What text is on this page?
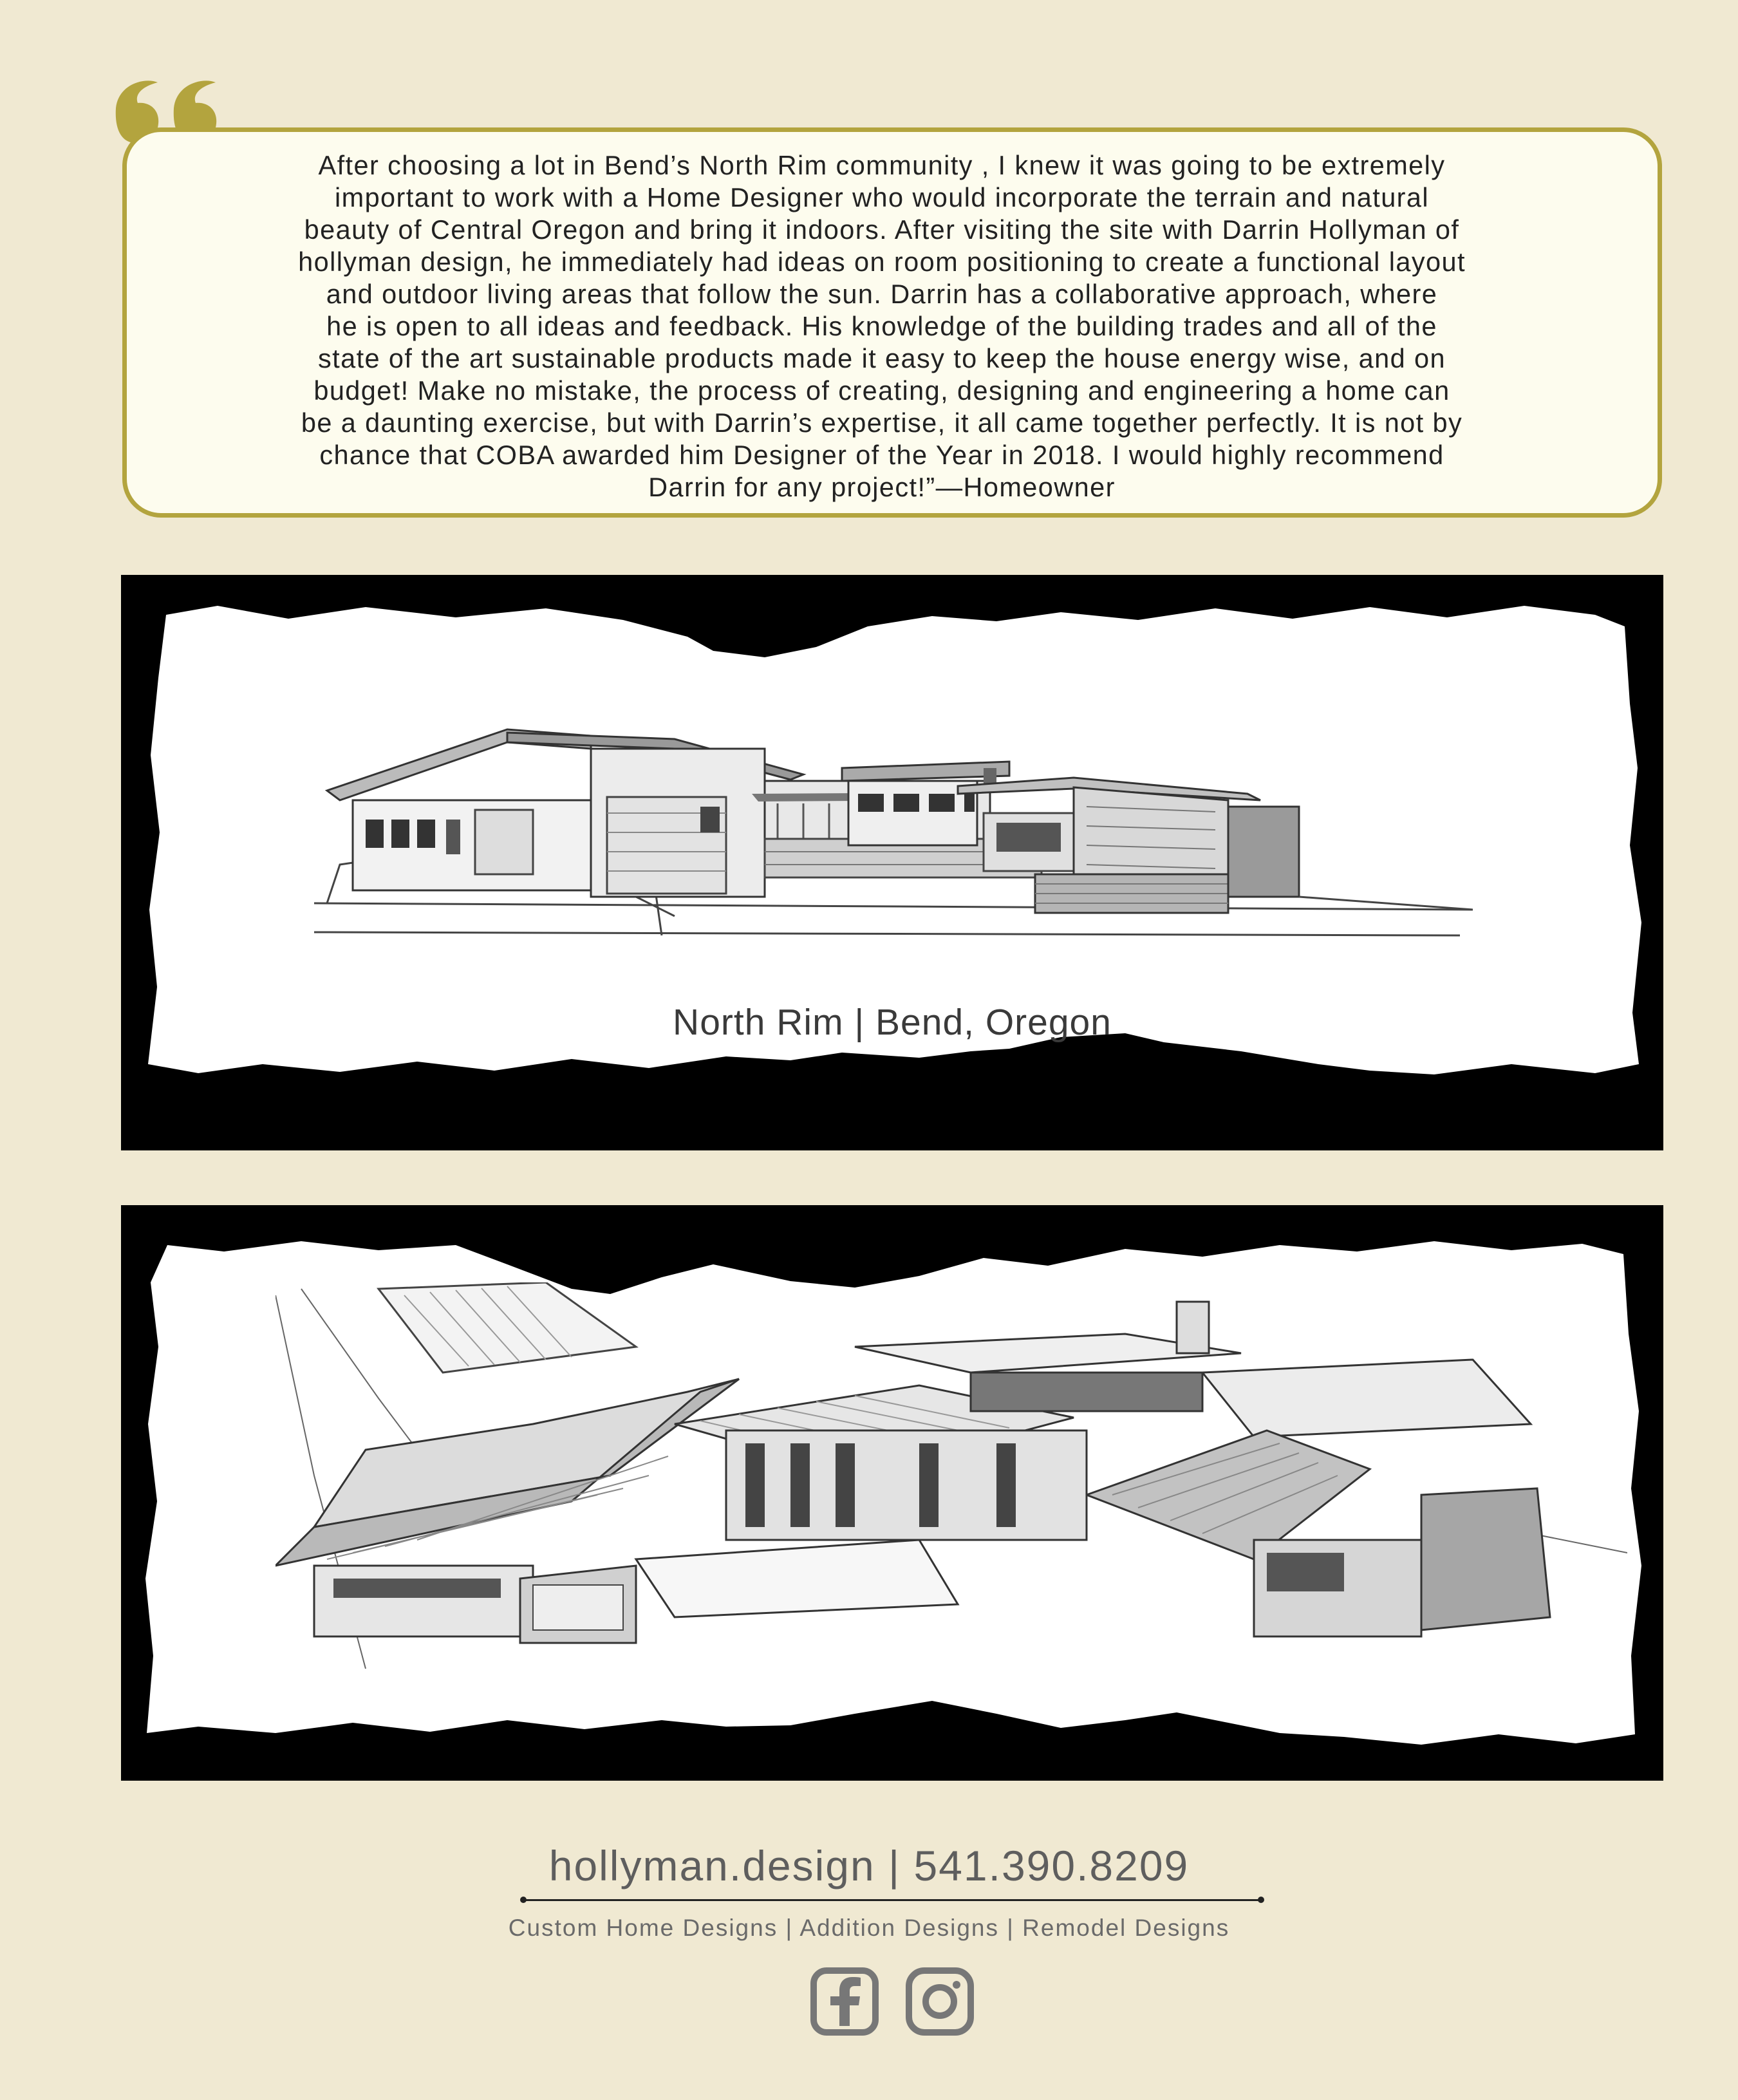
After choosing a lot in Bend’s North Rim community , I knew it was going to be extremely
important to work with a Home Designer who would incorporate the terrain and natural
beauty of Central Oregon and bring it indoors. After visiting the site with Darrin Hollyman of
hollyman design, he immediately had ideas on room positioning to create a functional layout
and outdoor living areas that follow the sun. Darrin has a collaborative approach, where
he is open to all ideas and feedback. His knowledge of the building trades and all of the
state of the art sustainable products made it easy to keep the house energy wise, and on
budget! Make no mistake, the process of creating, designing and engineering a home can
be a daunting exercise, but with Darrin’s expertise, it all came together perfectly. It is not by
chance that COBA awarded him Designer of the Year in 2018. I would highly recommend
Darrin for any project!”—Homeowner

North Rim | Bend, Oregon
hollyman.design | 541.390.8209
Custom Home Designs | Addition Designs | Remodel Designs
